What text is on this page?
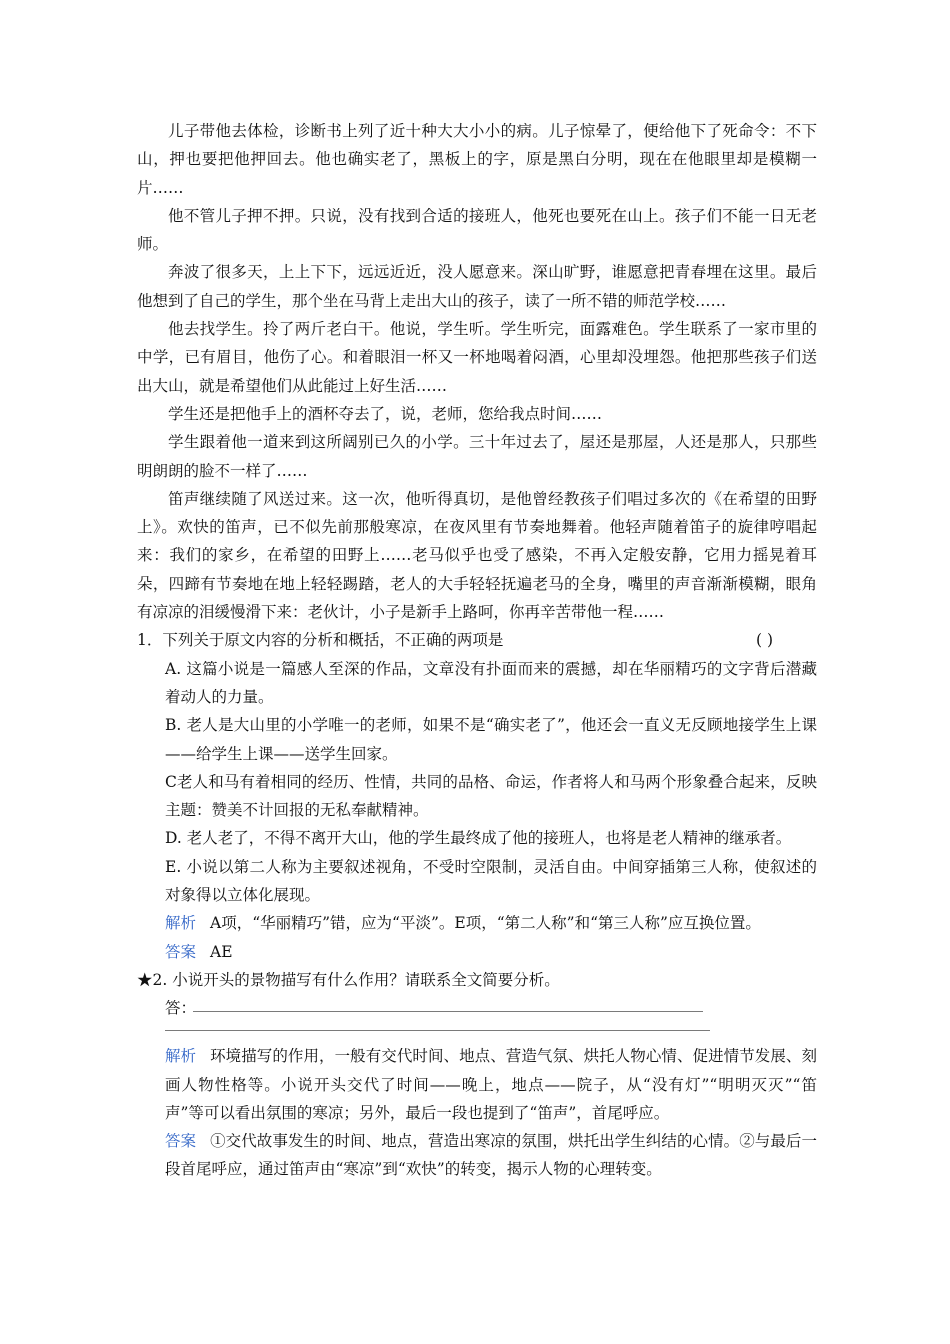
儿子带他去体检，诊断书上列了近十种大大小小的病。儿子惊晕了，便给他下了死命令：不下山，押也要把他押回去。他也确实老了，黑板上的字，原是黑白分明，现在在他眼里却是模糊一片……

他不管儿子押不押。只说，没有找到合适的接班人，他死也要死在山上。孩子们不能一日无老师。

奔波了很多天，上上下下，远远近近，没人愿意来。深山旷野，谁愿意把青春埋在这里。最后他想到了自己的学生，那个坐在马背上走出大山的孩子，读了一所不错的师范学校……

他去找学生。拎了两斤老白干。他说，学生听。学生听完，面露难色。学生联系了一家市里的中学，已有眉目，他伤了心。和着眼泪一杯又一杯地喝着闷酒，心里却没埋怨。他把那些孩子们送出大山，就是希望他们从此能过上好生活……

学生还是把他手上的酒杯夺去了，说，老师，您给我点时间……

学生跟着他一道来到这所阔别已久的小学。三十年过去了，屋还是那屋，人还是那人，只那些明朗朗的脸不一样了……

笛声继续随了风送过来。这一次，他听得真切，是他曾经教孩子们唱过多次的《在希望的田野上》。欢快的笛声，已不似先前那般寒凉，在夜风里有节奏地舞着。他轻声随着笛子的旋律哼唱起来：我们的家乡，在希望的田野上……老马似乎也受了感染，不再入定般安静，它用力摇晃着耳朵，四蹄有节奏地在地上轻轻踢踏，老人的大手轻轻抚遍老马的全身，嘴里的声音渐渐模糊，眼角有凉凉的泪缓慢滑下来：老伙计，小子是新手上路呵，你再辛苦带他一程……

1．下列关于原文内容的分析和概括，不正确的两项是	( )

A. 这篇小说是一篇感人至深的作品，文章没有扑面而来的震撼，却在华丽精巧的文字背后潜藏着动人的力量。

B. 老人是大山里的小学唯一的老师，如果不是“确实老了”，他还会一直义无反顾地接学生上课——给学生上课——送学生回家。

C老人和马有着相同的经历、性情，共同的品格、命运，作者将人和马两个形象叠合起来，反映主题：赞美不计回报的无私奉献精神。

D. 老人老了，不得不离开大山，他的学生最终成了他的接班人，也将是老人精神的继承者。

E. 小说以第二人称为主要叙述视角，不受时空限制，灵活自由。中间穿插第三人称，使叙述的对象得以立体化展现。

解析 A项，“华丽精巧”错，应为“平淡”。E项，“第二人称”和“第三人称”应互换位置。

答案 AE

★2. 小说开头的景物描写有什么作用？请联系全文简要分析。

答：

解析 环境描写的作用，一般有交代时间、地点、营造气氛、烘托人物心情、促进情节发展、刻画人物性格等。小说开头交代了时间——晚上，地点——院子，从“没有灯”“明明灭灭”“笛声”等可以看出氛围的寒凉；另外，最后一段也提到了“笛声”，首尾呼应。

答案 ①交代故事发生的时间、地点，营造出寒凉的氛围，烘托出学生纠结的心情。②与最后一段首尾呼应，通过笛声由“寒凉”到“欢快”的转变，揭示人物的心理转变。
